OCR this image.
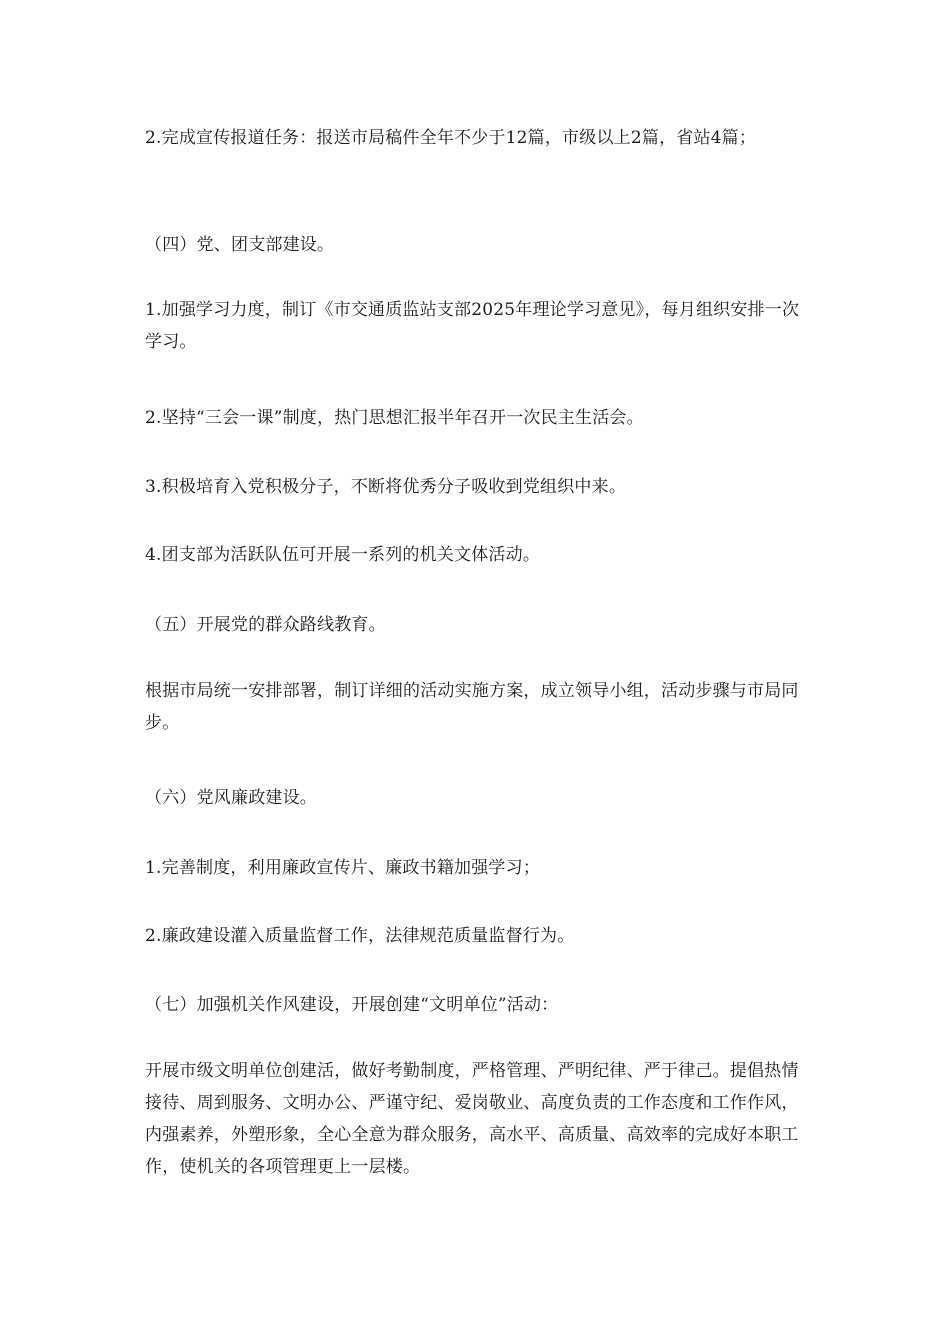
2.完成宣传报道任务：报送市局稿件全年不少于12篇，市级以上2篇，省站4篇；

（四）党、团支部建设。

1.加强学习力度，制订《市交通质监站支部2025年理论学习意见》，每月组织安排一次学习。

2.坚持“三会一课”制度，热门思想汇报半年召开一次民主生活会。

3.积极培育入党积极分子，不断将优秀分子吸收到党组织中来。

4.团支部为活跃队伍可开展一系列的机关文体活动。

（五）开展党的群众路线教育。

根据市局统一安排部署，制订详细的活动实施方案，成立领导小组，活动步骤与市局同步。

（六）党风廉政建设。

1.完善制度，利用廉政宣传片、廉政书籍加强学习；

2.廉政建设灌入质量监督工作，法律规范质量监督行为。

（七）加强机关作风建设，开展创建“文明单位”活动：

开展市级文明单位创建活，做好考勤制度，严格管理、严明纪律、严于律己。提倡热情接待、周到服务、文明办公、严谨守纪、爱岗敬业、高度负责的工作态度和工作作风，内强素养，外塑形象，全心全意为群众服务，高水平、高质量、高效率的完成好本职工作，使机关的各项管理更上一层楼。
